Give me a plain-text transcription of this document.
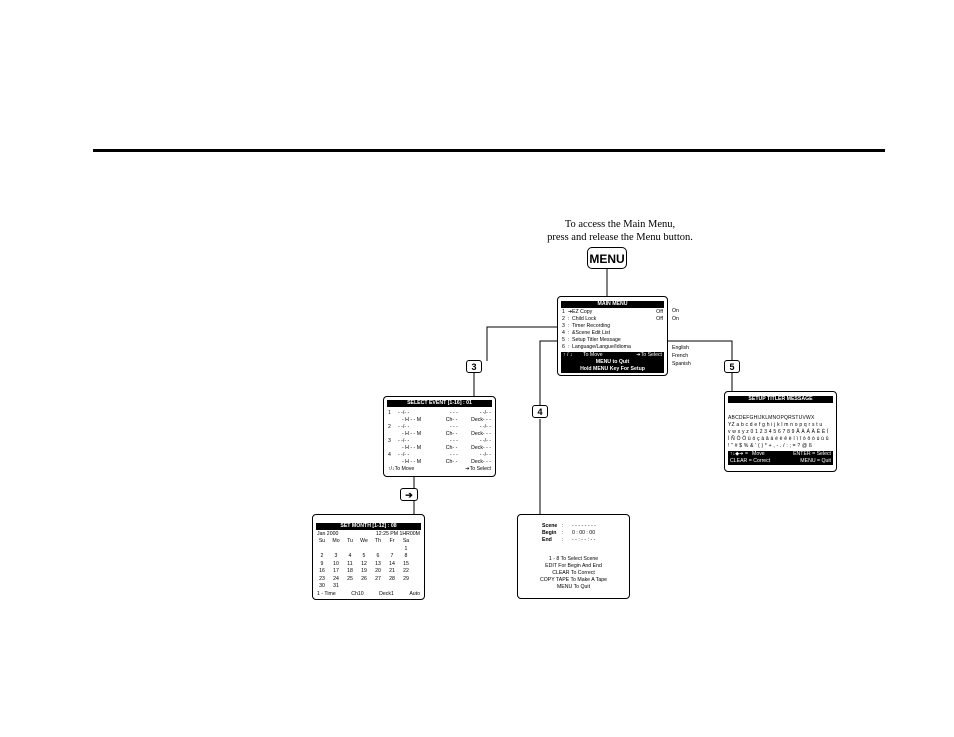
To access the Main Menu,
press and release the Menu button.
MENU
MAIN MENU
1 ➔ EZ Copy	Off
2 : Child Lock	Off
3 : Timer Recording
4 : &Scene Edit List
5 : Setup Titler Message
6 : Language/Langue/Idioma
↑ / ↓	To Move	➔ To Select
MENU to Quit
Hold MENU Key For Setup
On
On
English
French
Spanish
3
4
5
➔
SELECT EVENT [1-16] : 01
1	- -/- -	- - -	- -/- -
- H - - M	Ch- -	Deck- - -
2	- -/- -	- - -	- -/- -
- H - - M	Ch- -	Deck- - -
3	- -/- -	- - -	- -/- -
- H - - M	Ch- -	Deck- - -
4	- -/- -	- - -	- -/- -
- H - - M	Ch- -	Deck- - -
↑/↓ To Move	➔ To Select
SET MONTH [1-12] : 08
Jan 2000	12:25 PM 1HR00M
Su	Mo	Tu	We	Th	Fr	Sa
						1
2	3	4	5	6	7	8
9	10	11	12	13	14	15
16	17	18	19	20	21	22
23	24	25	26	27	28	29
30	31					
1 - Time	Ch10	Deck1	Auto
Scene :	- - - - - - - -
Begin	:	0 : 00 : 00
End	:	- - : - - : - -
1 - 8 To Select Scene
EDIT For Begin And End
CLEAR To Correct
COPY TAPE To Make A Tape
MENU To Quit
SETUP TITLER MESSAGE
ABCDEFGHIJKLMNOPQRSTUVWX
YZ a b c d e f g h i j k l m n o p q r s t u
v w x y z 0 1 2 3 4 5 6 7 8 9 Â À Á Ä È É Í
Ì Ñ Ó Ò ü ö ç à â ä é è ê ë í ï î ó ô ò ú ù û
! " # $ % & ' ( ) * + , - . / : ; = ? @ ß
↑↓◆➔ = Move	ENTER = Select
CLEAR = Correct	MENU = Quit
